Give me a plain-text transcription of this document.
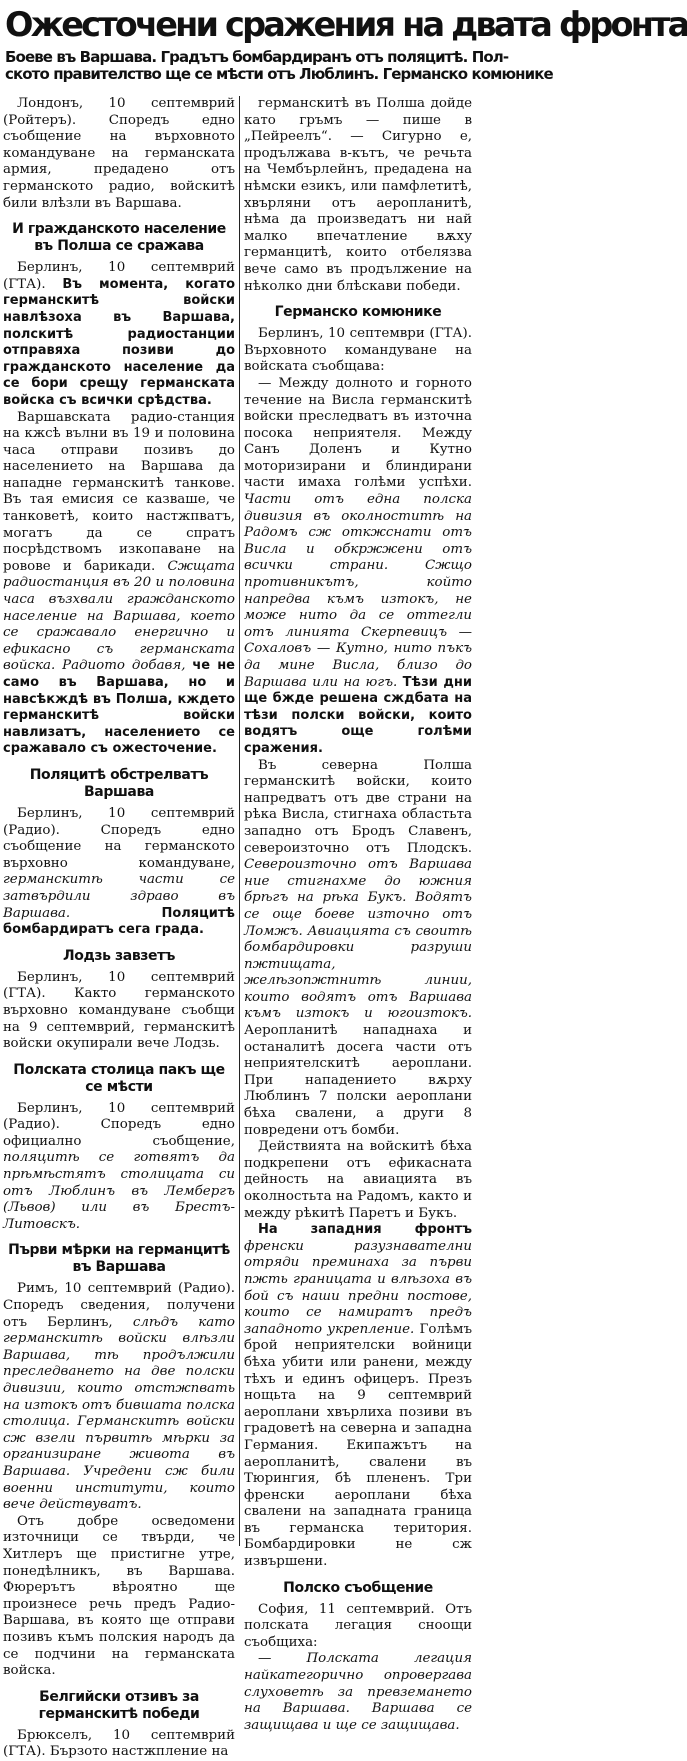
Ожесточени сражения на двата фронта
Боеве въ Варшава. Градътъ бомбардиранъ отъ поляцитѣ. Пол-
ското правителство ще се мѣсти отъ Люблинъ. Германско комюнике

Лондонъ, 10 септемврий (Ройтеръ). Споредъ едно съобщение на върховното командуване на германската армия, предадено отъ германското радио, войскитѣ били влѣзли въ Варшава.

И гражданското население въ Полша се сражава

Берлинъ, 10 септемврий (ГТА). Въ момента, когато германскитѣ войски навлѣзоха въ Варшава, полскитѣ радиостанции отправяха позиви до гражданското население да се бори срещу германската войска съ всички срѣдства.

Варшавската радио-станция на кжсѣ вълни въ 19 и половина часа отправи позивъ до населението на Варшава да нападне германскитѣ танкове. Въ тая емисия се казваше, че танковетѣ, които настжпватъ, могатъ да се спратъ посрѣдствомъ изкопаване на ровове и барикади. Сжщата радиостанция въ 20 и половина часа възхвали гражданското население на Варшава, което се сражавало енергично и ефикасно съ германската войска. Радиото добавя, че не само въ Варшава, но и навсѣкждѣ въ Полша, кждето германскитѣ войски навлизатъ, населението се сражавало съ ожесточение.

Поляцитѣ обстрелватъ Варшава

Берлинъ, 10 септемврий (Радио). Споредъ едно съобщение на германското върховно командуване, германскитѣ части се затвърдили здраво въ Варшава. Поляцитѣ бомбардиратъ сега града.

Лодзь завзетъ

Берлинъ, 10 септемврий (ГТА). Както германското върховно командуване съобщи на 9 септемврий, германскитѣ войски окупирали вече Лодзь.

Полската столица пакъ ще се мѣсти

Берлинъ, 10 септемврий (Радио). Споредъ едно официално съобщение, поляцитѣ се готвятъ да прѣмѣстятъ столицата си отъ Люблинъ въ Лембергъ (Львов) или въ Брестъ-Литовскъ.

Първи мѣрки на германцитѣ въ Варшава

Римъ, 10 септемврий (Радио). Споредъ сведения, получени отъ Берлинъ, слѣдъ като германскитѣ войски влѣзли Варшава, тѣ продължили преследването на две полски дивизии, които отстжпвать на изтокъ отъ бившата полска столица. Германскитѣ войски сж взели първитѣ мѣрки за организиране живота въ Варшава. Учредени сж били военни институти, които вече действуватъ.

Отъ добре осведомени източници се твърди, че Хитлеръ ще пристигне утре, понедѣлникъ, въ Варшава. Фюрерътъ вѣроятно ще произнесе речь предъ Радио-Варшава, въ която ще отправи позивъ къмъ полския народъ да се подчини на германската войска.

Белгийски отзивъ за германскитѣ победи

Брюкселъ, 10 септемврий (ГТА). Бързото настжпление на

германскитѣ въ Полша дойде като гръмъ — пише в „Пейреелъ“. — Сигурно е, продължава в-кътъ, че речьта на Чембърлейнъ, предадена на нѣмски езикъ, или памфлетитѣ, хвърляни отъ аеропланитѣ, нѣма да произведатъ ни най малко впечатление вѫху германцитѣ, които отбелязва вече само въ продължение на нѣколко дни блѣскави победи.

Германско комюнике

Берлинъ, 10 септември (ГТА). Върховното командуване на войската съобщава:

— Между долното и горното течение на Висла германскитѣ войски преследватъ въ източна посока неприятеля. Между Санъ Доленъ и Кутно моторизирани и блиндирани части имаха голѣми успѣхи. Части отъ една полска дивизия въ околноститѣ на Радомъ сж откжснати отъ Висла и обкржжени отъ всички страни. Сжщо противникътъ, който напредва къмъ изтокъ, не може нито да се оттегли отъ линията Скерпевицъ — Сохаловъ — Кутно, нито пъкъ да мине Висла, близо до Варшава или на югъ. Тѣзи дни ще бжде решена сждбата на тѣзи полски войски, които водятъ още голѣми сражения.

Въ северна Полша германскитѣ войски, които напредватъ отъ две страни на рѣка Висла, стигнаха областьта западно отъ Бродъ Славенъ, североизточно отъ Плодскъ. Североизточно отъ Варшава ние стигнахме до южния брѣгъ на рѣка Букъ. Водятъ се още боеве източно отъ Ломжъ. Авиацията съ своитѣ бомбардировки разруши пжтищата, желѣзопжтнитѣ линии, които водятъ отъ Варшава къмъ изтокъ и югоизтокъ. Аеропланитѣ нападнаха и останалитѣ досега части отъ неприятелскитѣ аероплани. При нападението вѫрху Люблинъ 7 полски аероплани бѣха свалени, а други 8 повредени отъ бомби.

Действията на войскитѣ бѣха подкрепени отъ ефикасната дейность на авиацията въ околностьта на Радомъ, както и между рѣкитѣ Паретъ и Букъ.

На западния фронтъ френски разузнавателни отряди преминаха за първи пжть границата и влѣзоха въ бой съ наши предни постове, които се намиратъ предъ западното укрепление. Голѣмъ брой неприятелски войници бѣха убити или ранени, между тѣхъ и единъ офицеръ. Презъ нощьта на 9 септемврий аероплани хвърлиха позиви въ градоветѣ на северна и западна Германия. Екипажътъ на аеропланитѣ, свалени въ Тюрингия, бѣ плененъ. Три френски аероплани бѣха свалени на западната граница въ германска територия. Бомбардировки не сж извършени.

Полско съобщение

София, 11 септемврий. Отъ полската легация сноощи съобщиха:

— Полската легация найкатегорично опровергава слуховетѣ за превземането на Варшава. Варшава се защищава и ще се защищава.
